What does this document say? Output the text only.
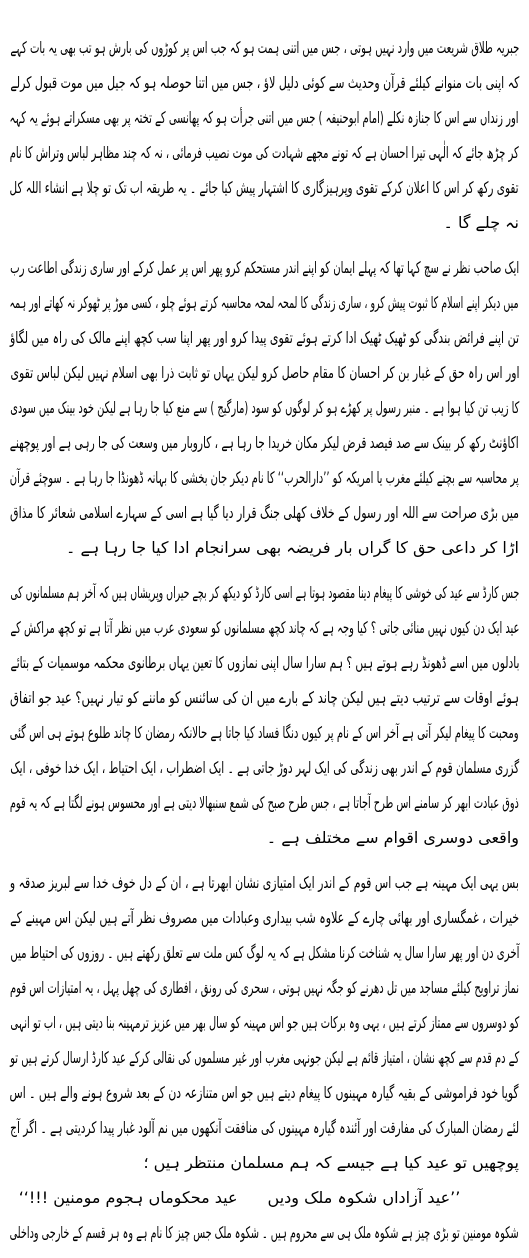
جبریہ طلاق شریعت میں وارد نہیں ہوتی ، جس میں اتنی ہمت ہو کہ جب اس پر کوڑوں کی بارش ہو تب بھی یہ بات کہے
کہ اپنی بات منوانے کیلئے قرآن وحدیث سے کوئی دلیل لاؤ ، جس میں اتنا حوصلہ ہو کہ جیل میں موت قبول کرلے
اور زنداں سے اس کا جنازہ نکلے (امام ابوحنیفہ ) جس میں اتنی جرأت ہو کہ پھانسی کے تختہ پر بھی مسکراتے ہوئے یہ کہہ
کر چڑھ جائے کہ الٰہی تیرا احسان ہے کہ تونے مجھے شہادت کی موت نصیب فرمائی ، نہ کہ چند مظاہر لباس وتراش کا نام
تقوی رکھ کر اس کا اعلان کرکے تقوی وپرہیزگاری کا اشتہار پیش کیا جائے ۔ یہ طریقہ اب تک تو چلا ہے انشاء اللہ کل
نہ چلے گا ۔
ایک صاحب نظر نے سچ کہا تھا کہ پہلے ایمان کو اپنے اندر مستحکم کرو پھر اس پر عمل کرکے اور ساری زندگی اطاعت رب
میں دیکر اپنے اسلام کا ثبوت پیش کرو ، ساری زندگی کا لمحہ لمحہ محاسبہ کرتے ہوئے چلو ، کسی موڑ پر ٹھوکر نہ کھاتے اور ہمہ
تن اپنے فرائض بندگی کو ٹھیک ٹھیک ادا کرتے ہوئے تقوی پیدا کرو اور پھر اپنا سب کچھ اپنے مالک کی راہ میں لگاؤ
اور اس راہ حق کے غبار بن کر احسان کا مقام حاصل کرو لیکن یہاں تو ثابت ذرا بھی اسلام نہیں لیکن لباس تقوی
کا زیب تن کیا ہوا ہے ۔ منبر رسول پر کھڑے ہو کر لوگوں کو سود (مارگیج ) سے منع کیا جا رہا ہے لیکن خود بینک میں سودی
اکاؤنٹ رکھ کر بینک سے صد فیصد قرض لیکر مکان خریدا جا رہا ہے ، کاروبار میں وسعت کی جا رہی ہے اور پوچھنے
پر محاسبہ سے بچنے کیلئے مغرب یا امریکہ کو ’’دارالحرب‘‘ کا نام دیکر جان بخشی کا بہانہ ڈھونڈا جا رہا ہے ۔ سوچئے قرآن
میں بڑی صراحت سے اللہ اور رسول کے خلاف کھلی جنگ قرار دیا گیا ہے اسی کے سہارے اسلامی شعائر کا مذاق
اڑا کر داعی حق کا گراں بار فریضہ بھی سرانجام ادا کیا جا رہا ہے ۔
جس کارڈ سے عید کی خوشی کا پیغام دینا مقصود ہوتا ہے اسی کارڈ کو دیکھ کر بچے حیراں وپریشاں ہیں کہ آخر ہم مسلمانوں کی
عید ایک دن کیوں نہیں منائی جاتی ؟ کیا وجہ ہے کہ چاند کچھ مسلمانوں کو سعودی عرب میں نظر آتا ہے تو کچھ مراکش کے
بادلوں میں اسے ڈھونڈ رہے ہوتے ہیں ؟ ہم سارا سال اپنی نمازوں کا تعین یہاں برطانوی محکمہ موسمیات کے بتائے
ہوئے اوقات سے ترتیب دیتے ہیں لیکن چاند کے بارے میں ان کی سائنس کو ماننے کو تیار نہیں؟ عید جو اتفاق
ومحبت کا پیغام لیکر آتی ہے آخر اس کے نام پر کیوں دنگا فساد کیا جاتا ہے حالانکہ رمضان کا چاند طلوع ہوتے ہی اس گئی
گزری مسلمان قوم کے اندر بھی زندگی کی ایک لہر دوڑ جاتی ہے ۔ ایک اضطراب ، ایک احتیاط ، ایک خدا خوفی ، ایک
ذوق عبادت ابھر کر سامنے اس طرح آجاتا ہے ، جس طرح صبح کی شمع سنبھالا دیتی ہے اور محسوس ہونے لگتا ہے کہ یہ قوم
واقعی دوسری اقوام سے مختلف ہے ۔
بس یہی ایک مہینہ ہے جب اس قوم کے اندر ایک امتیازی نشان ابھرتا ہے ، ان کے دل خوف خدا سے لبریز صدقہ و
خیرات ، غمگساری اور بھائی چارے کے علاوہ شب بیداری وعبادات میں مصروف نظر آتے ہیں لیکن اس مہینے کے
آخری دن اور پھر سارا سال یہ شناخت کرنا مشکل ہے کہ یہ لوگ کس ملت سے تعلق رکھتے ہیں ۔ روزوں کی احتیاط میں
نماز تراویح کیلئے مساجد میں تل دھرنے کو جگہ نہیں ہوتی ، سحری کی رونق ، افطاری کی چھل پہل ، یہ امتیازات اس قوم
کو دوسروں سے ممتاز کرتے ہیں ، یہی وہ برکات ہیں جو اس مہینہ کو سال بھر میں عزیز ترمہینہ بنا دیتی ہیں ، اب تو انہی
کے دم قدم سے کچھ نشان ، امتیاز قائم ہے لیکن جونہی مغرب اور غیر مسلموں کی نقالی کرکے عید کارڈ ارسال کرتے ہیں تو
گویا خود فراموشی کے بقیہ گیارہ مہینوں کا پیغام دیتے ہیں جو اس متنازعہ دن کے بعد شروع ہونے والے ہیں ۔ اس
لئے رمضان المبارک کی مفارقت اور آئندہ گیارہ مہینوں کی منافقت آنکھوں میں نم آلود غبار پیدا کردیتی ہے ۔ اگر آج
پوچھیں تو عید کیا ہے جیسے کہ ہم مسلمان منتظر ہیں ؛
’’عید آزاداں شکوہ ملک ودیں
عید محکوماں ہجوم مومنین !!!‘‘
شکوہ مومنین تو بڑی چیز ہے شکوہ ملک ہی سے محروم ہیں ۔ شکوہ ملک جس چیز کا نام ہے وہ ہر قسم کے خارجی وداخلی
